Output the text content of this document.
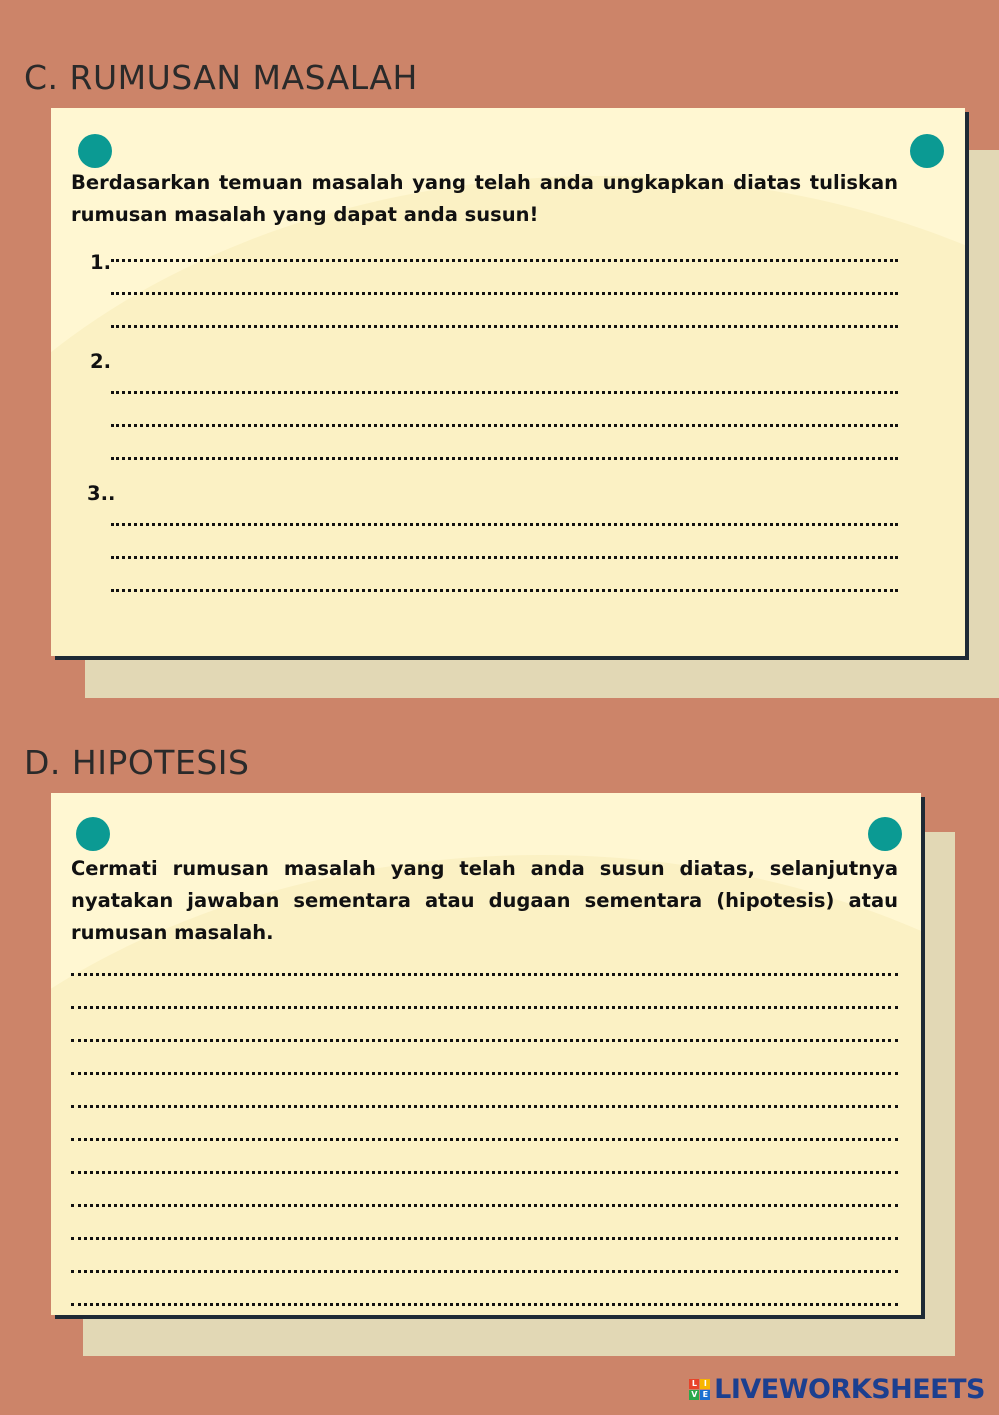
C. RUMUSAN MASALAH

Berdasarkan temuan masalah yang telah anda ungkapkan diatas tuliskan rumusan masalah yang dapat anda susun!

1.
2.
3..
D. HIPOTESIS

Cermati rumusan masalah yang telah anda susun diatas, selanjutnya nyatakan jawaban sementara atau dugaan sementara (hipotesis) atau rumusan masalah.

L I
V E LIVEWORKSHEETS
